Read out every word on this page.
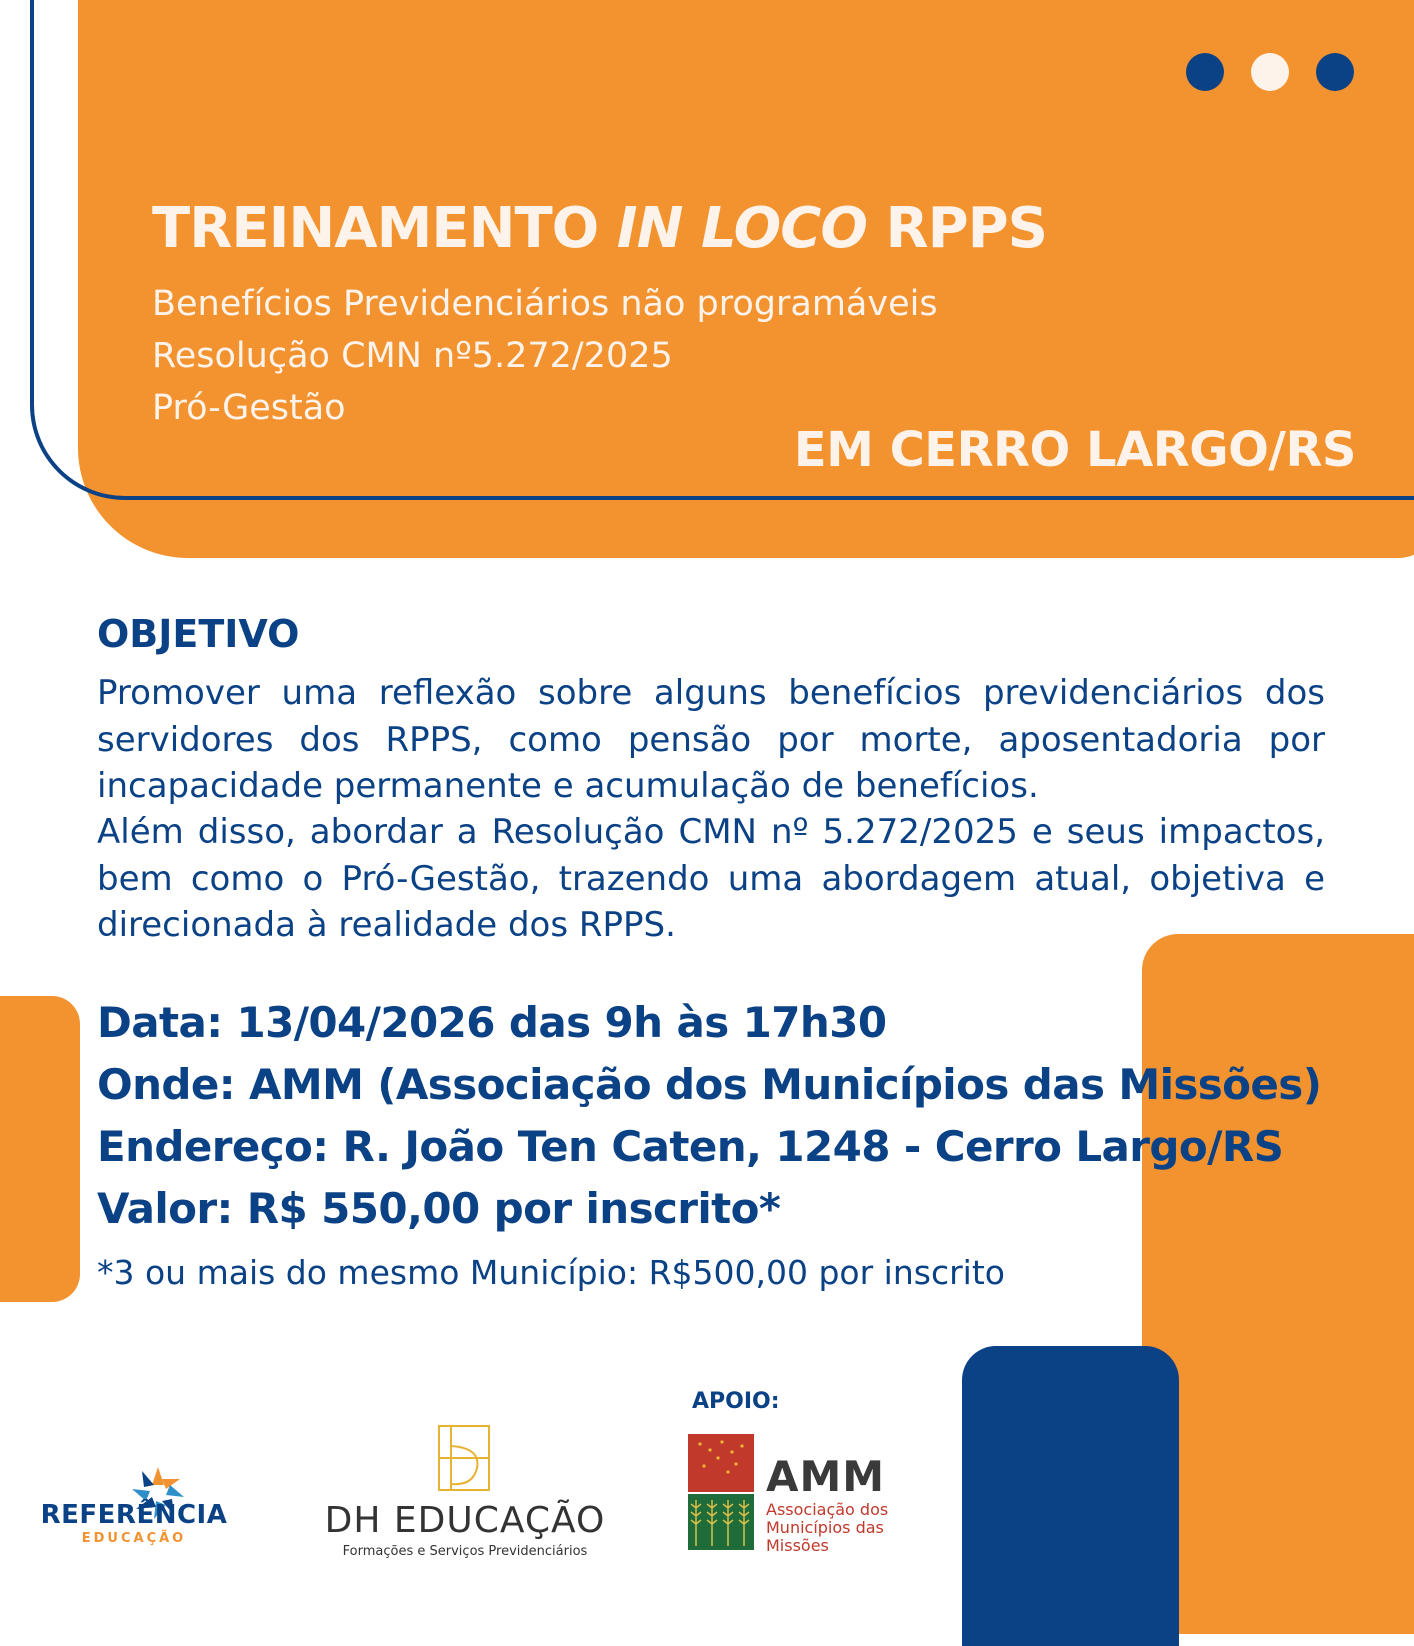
TREINAMENTO IN LOCO RPPS
Benefícios Previdenciários não programáveis
Resolução CMN nº5.272/2025
Pró-Gestão
EM CERRO LARGO/RS
OBJETIVO

Promover uma reflexão sobre alguns benefícios previdenciários dos
servidores dos RPPS, como pensão por morte, aposentadoria por
incapacidade permanente e acumulação de benefícios.

Além disso, abordar a Resolução CMN nº 5.272/2025 e seus impactos,
bem como o Pró-Gestão, trazendo uma abordagem atual, objetiva e
direcionada à realidade dos RPPS.

Data: 13/04/2026 das 9h às 17h30
Onde: AMM (Associação dos Municípios das Missões)
Endereço: R. João Ten Caten, 1248 - Cerro Largo/RS
Valor: R$ 550,00 por inscrito*
*3 ou mais do mesmo Município: R$500,00 por inscrito
APOIO:
REFERÊNCIA
EDUCAÇÃO	DH EDUCAÇÃO
Formações e Serviços Previdenciários
AMM
Associação dos
Municípios das
Missões
